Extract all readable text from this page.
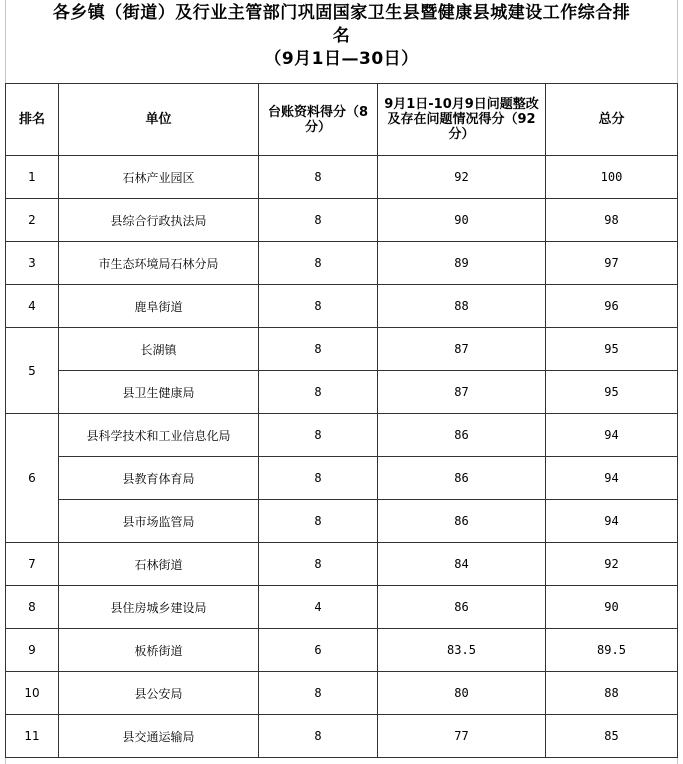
各乡镇（街道）及行业主管部门巩固国家卫生县暨健康县城建设工作综合排
名
（9月1日—30日）
排名	单位	台账资料得分（8分）	9月1日-10月9日问题整改及存在问题情况得分（92分）	总分
1	石林产业园区	8	92	100
2	县综合行政执法局	8	90	98
3	市生态环境局石林分局	8	89	97
4	鹿阜街道	8	88	96
5	长湖镇	8	87	95
	县卫生健康局	8	87	95
6	县科学技术和工业信息化局	8	86	94
	县教育体育局	8	86	94
	县市场监管局	8	86	94
7	石林街道	8	84	92
8	县住房城乡建设局	4	86	90
9	板桥街道	6	83.5	89.5
10	县公安局	8	80	88
11	县交通运输局	8	77	85
